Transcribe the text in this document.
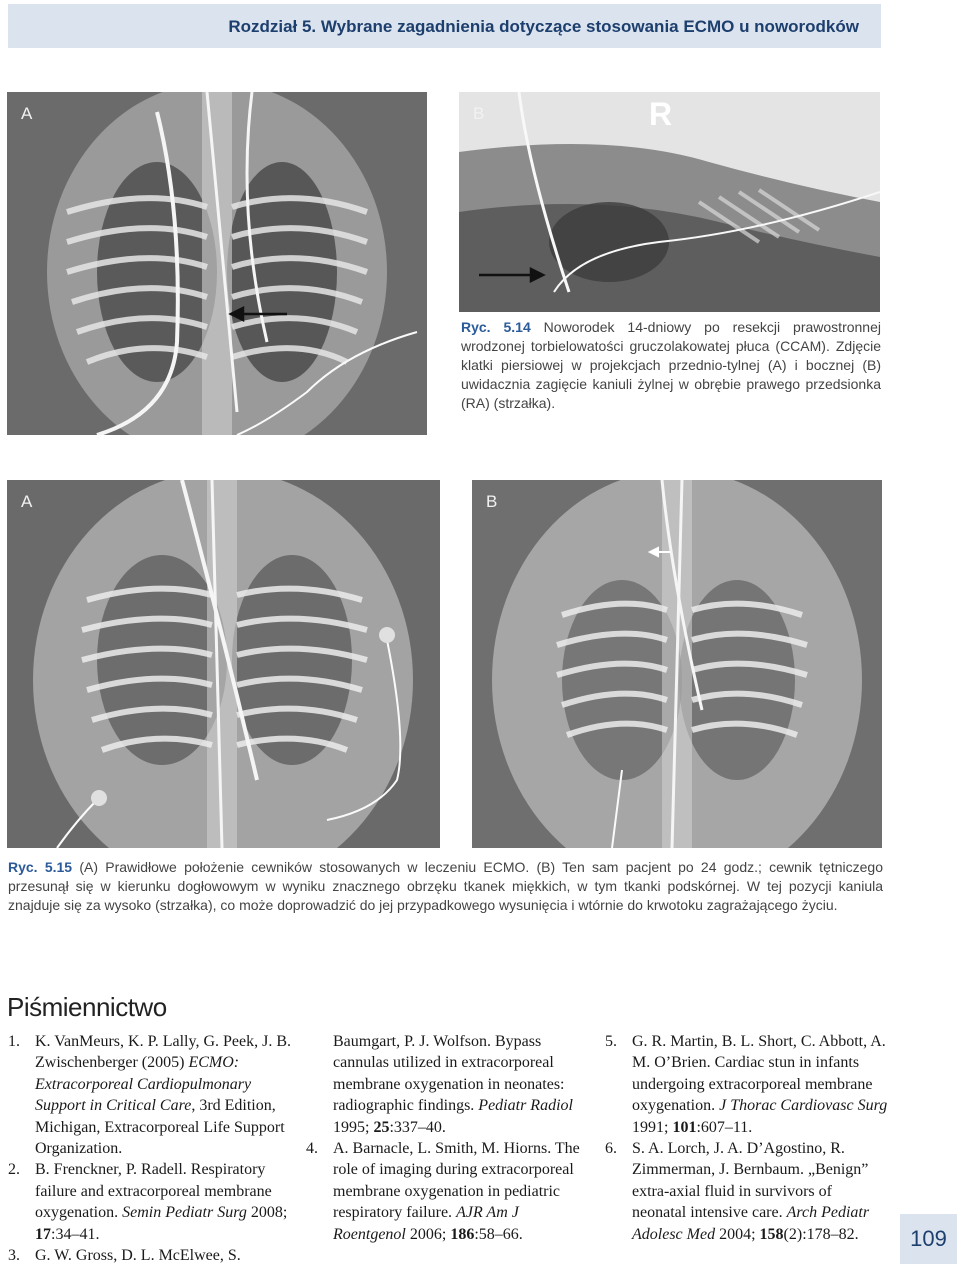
Rozdział 5. Wybrane zagadnienia dotyczące stosowania ECMO u noworodków
A	B	R
Ryc. 5.14 Noworodek 14-dniowy po resekcji prawostronnej wrodzonej torbielowatości gruczolakowatej płuca (CCAM). Zdjęcie klatki piersiowej w projekcjach przednio-tylnej (A) i bocznej (B) uwidacznia zagięcie kaniuli żylnej w obrębie prawego przedsionka (RA) (strzałka).
A	B
Ryc. 5.15 (A) Prawidłowe położenie cewników stosowanych w leczeniu ECMO. (B) Ten sam pacjent po 24 godz.; cewnik tętniczego przesunął się w kierunku dogłowowym w wyniku znacznego obrzęku tkanek miękkich, w tym tkanki podskórnej. W tej pozycji kaniula znajduje się za wysoko (strzałka), co może doprowadzić do jej przypadkowego wysunięcia i wtórnie do krwotoku zagrażającego życiu.
Piśmiennictwo
1. K. VanMeurs, K. P. Lally, G. Peek, J. B. Zwischenberger (2005) ECMO: Extracorporeal Cardiopulmonary Support in Critical Care, 3rd Edition, Michigan, Extracorporeal Life Support Organization.
2. B. Frenckner, P. Radell. Respiratory failure and extracorporeal membrane oxygenation. Semin Pediatr Surg 2008; 17:34–41.
3. G. W. Gross, D. L. McElwee, S.
Baumgart, P. J. Wolfson. Bypass cannulas utilized in extracorporeal membrane oxygenation in neonates: radiographic findings. Pediatr Radiol 1995; 25:337–40.
4. A. Barnacle, L. Smith, M. Hiorns. The role of imaging during extracorporeal membrane oxygenation in pediatric respiratory failure. AJR Am J Roentgenol 2006; 186:58–66.
5. G. R. Martin, B. L. Short, C. Abbott, A. M. O’Brien. Cardiac stun in infants undergoing extracorporeal membrane oxygenation. J Thorac Cardiovasc Surg 1991; 101:607–11.
6. S. A. Lorch, J. A. D’Agostino, R. Zimmerman, J. Bernbaum. „Benign” extra-axial fluid in survivors of neonatal intensive care. Arch Pediatr Adolesc Med 2004; 158(2):178–82.	109
